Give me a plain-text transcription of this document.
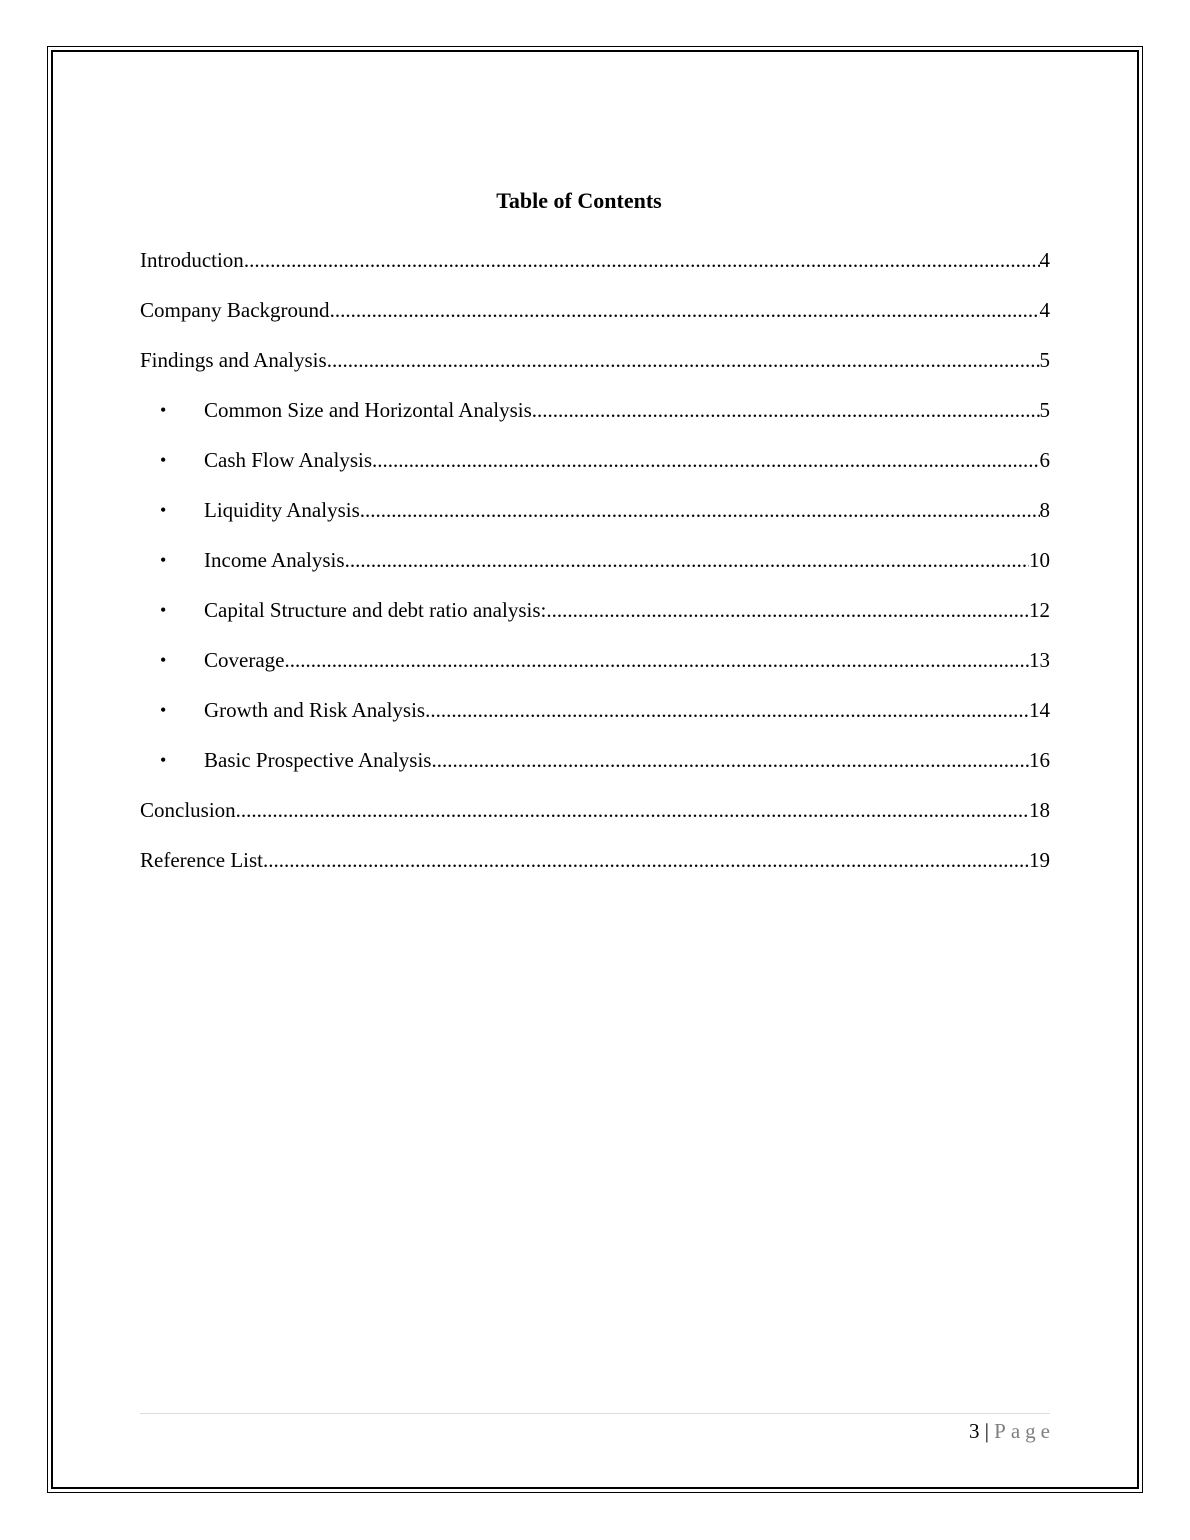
Table of Contents
Introduction .....	4
Company Background .....	4
Findings and Analysis .....	5
• Common Size and Horizontal Analysis .....	5
• Cash Flow Analysis .....	6
• Liquidity Analysis .....	8
• Income Analysis .....	10
• Capital Structure and debt ratio analysis: .....	12
• Coverage .....	13
• Growth and Risk Analysis .....	14
• Basic Prospective Analysis .....	16
Conclusion .....	18
Reference List .....	19
3 | Page
